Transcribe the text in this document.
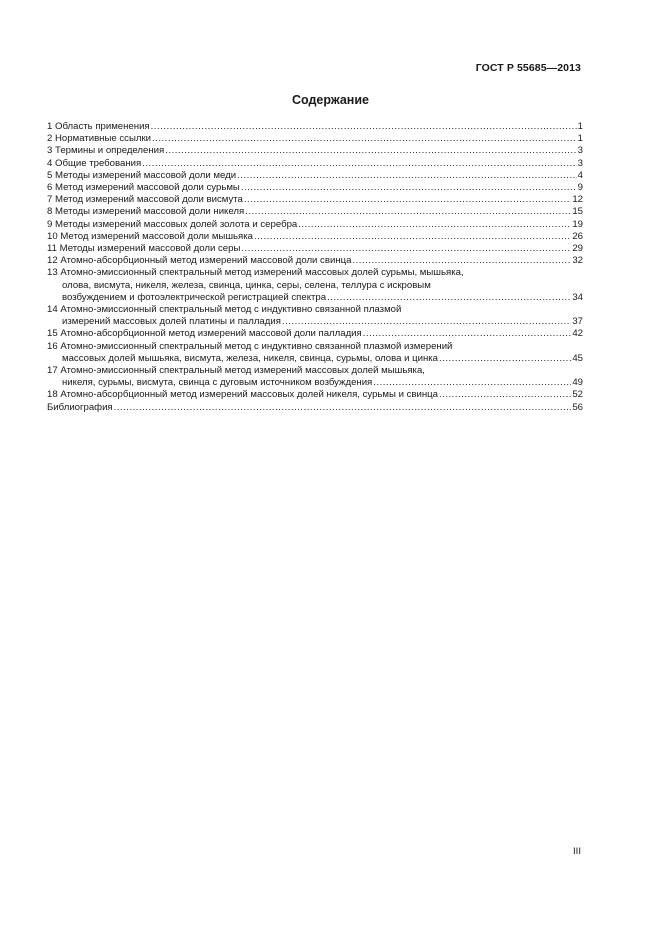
ГОСТ Р 55685—2013
Содержание
1 Область применения .....	1
2 Нормативные ссылки .....	1
3 Термины и определения .....	3
4 Общие требования .....	3
5 Методы измерений массовой доли меди .....	4
6 Метод измерений массовой доли сурьмы .....	9
7 Метод измерений массовой доли висмута .....	12
8 Методы измерений массовой доли никеля .....	15
9 Методы измерений массовых долей золота и серебра .....	19
10 Метод измерений массовой доли мышьяка .....	26
11 Методы измерений массовой доли серы .....	29
12 Атомно-абсорбционный метод измерений массовой доли свинца .....	32
13 Атомно-эмиссионный спектральный метод измерений массовых долей сурьмы, мышьяка,
олова, висмута, никеля, железа, свинца, цинка, серы, селена, теллура с искровым
возбуждением и фотоэлектрической регистрацией спектра .....	34
14 Атомно-эмиссионный спектральный метод с индуктивно связанной плазмой
измерений массовых долей платины и палладия .....	37
15 Атомно-абсорбционной метод измерений массовой доли палладия .....	42
16 Атомно-эмиссионный спектральный метод с индуктивно связанной плазмой измерений
массовых долей мышьяка, висмута, железа, никеля, свинца, сурьмы, олова и цинка .....	45
17 Атомно-эмиссионный спектральный метод измерений массовых долей мышьяка,
никеля, сурьмы, висмута, свинца с дуговым источником возбуждения .....	49
18 Атомно-абсорбционный метод измерений массовых долей никеля, сурьмы и свинца .....	52
Библиография .....	56
III
